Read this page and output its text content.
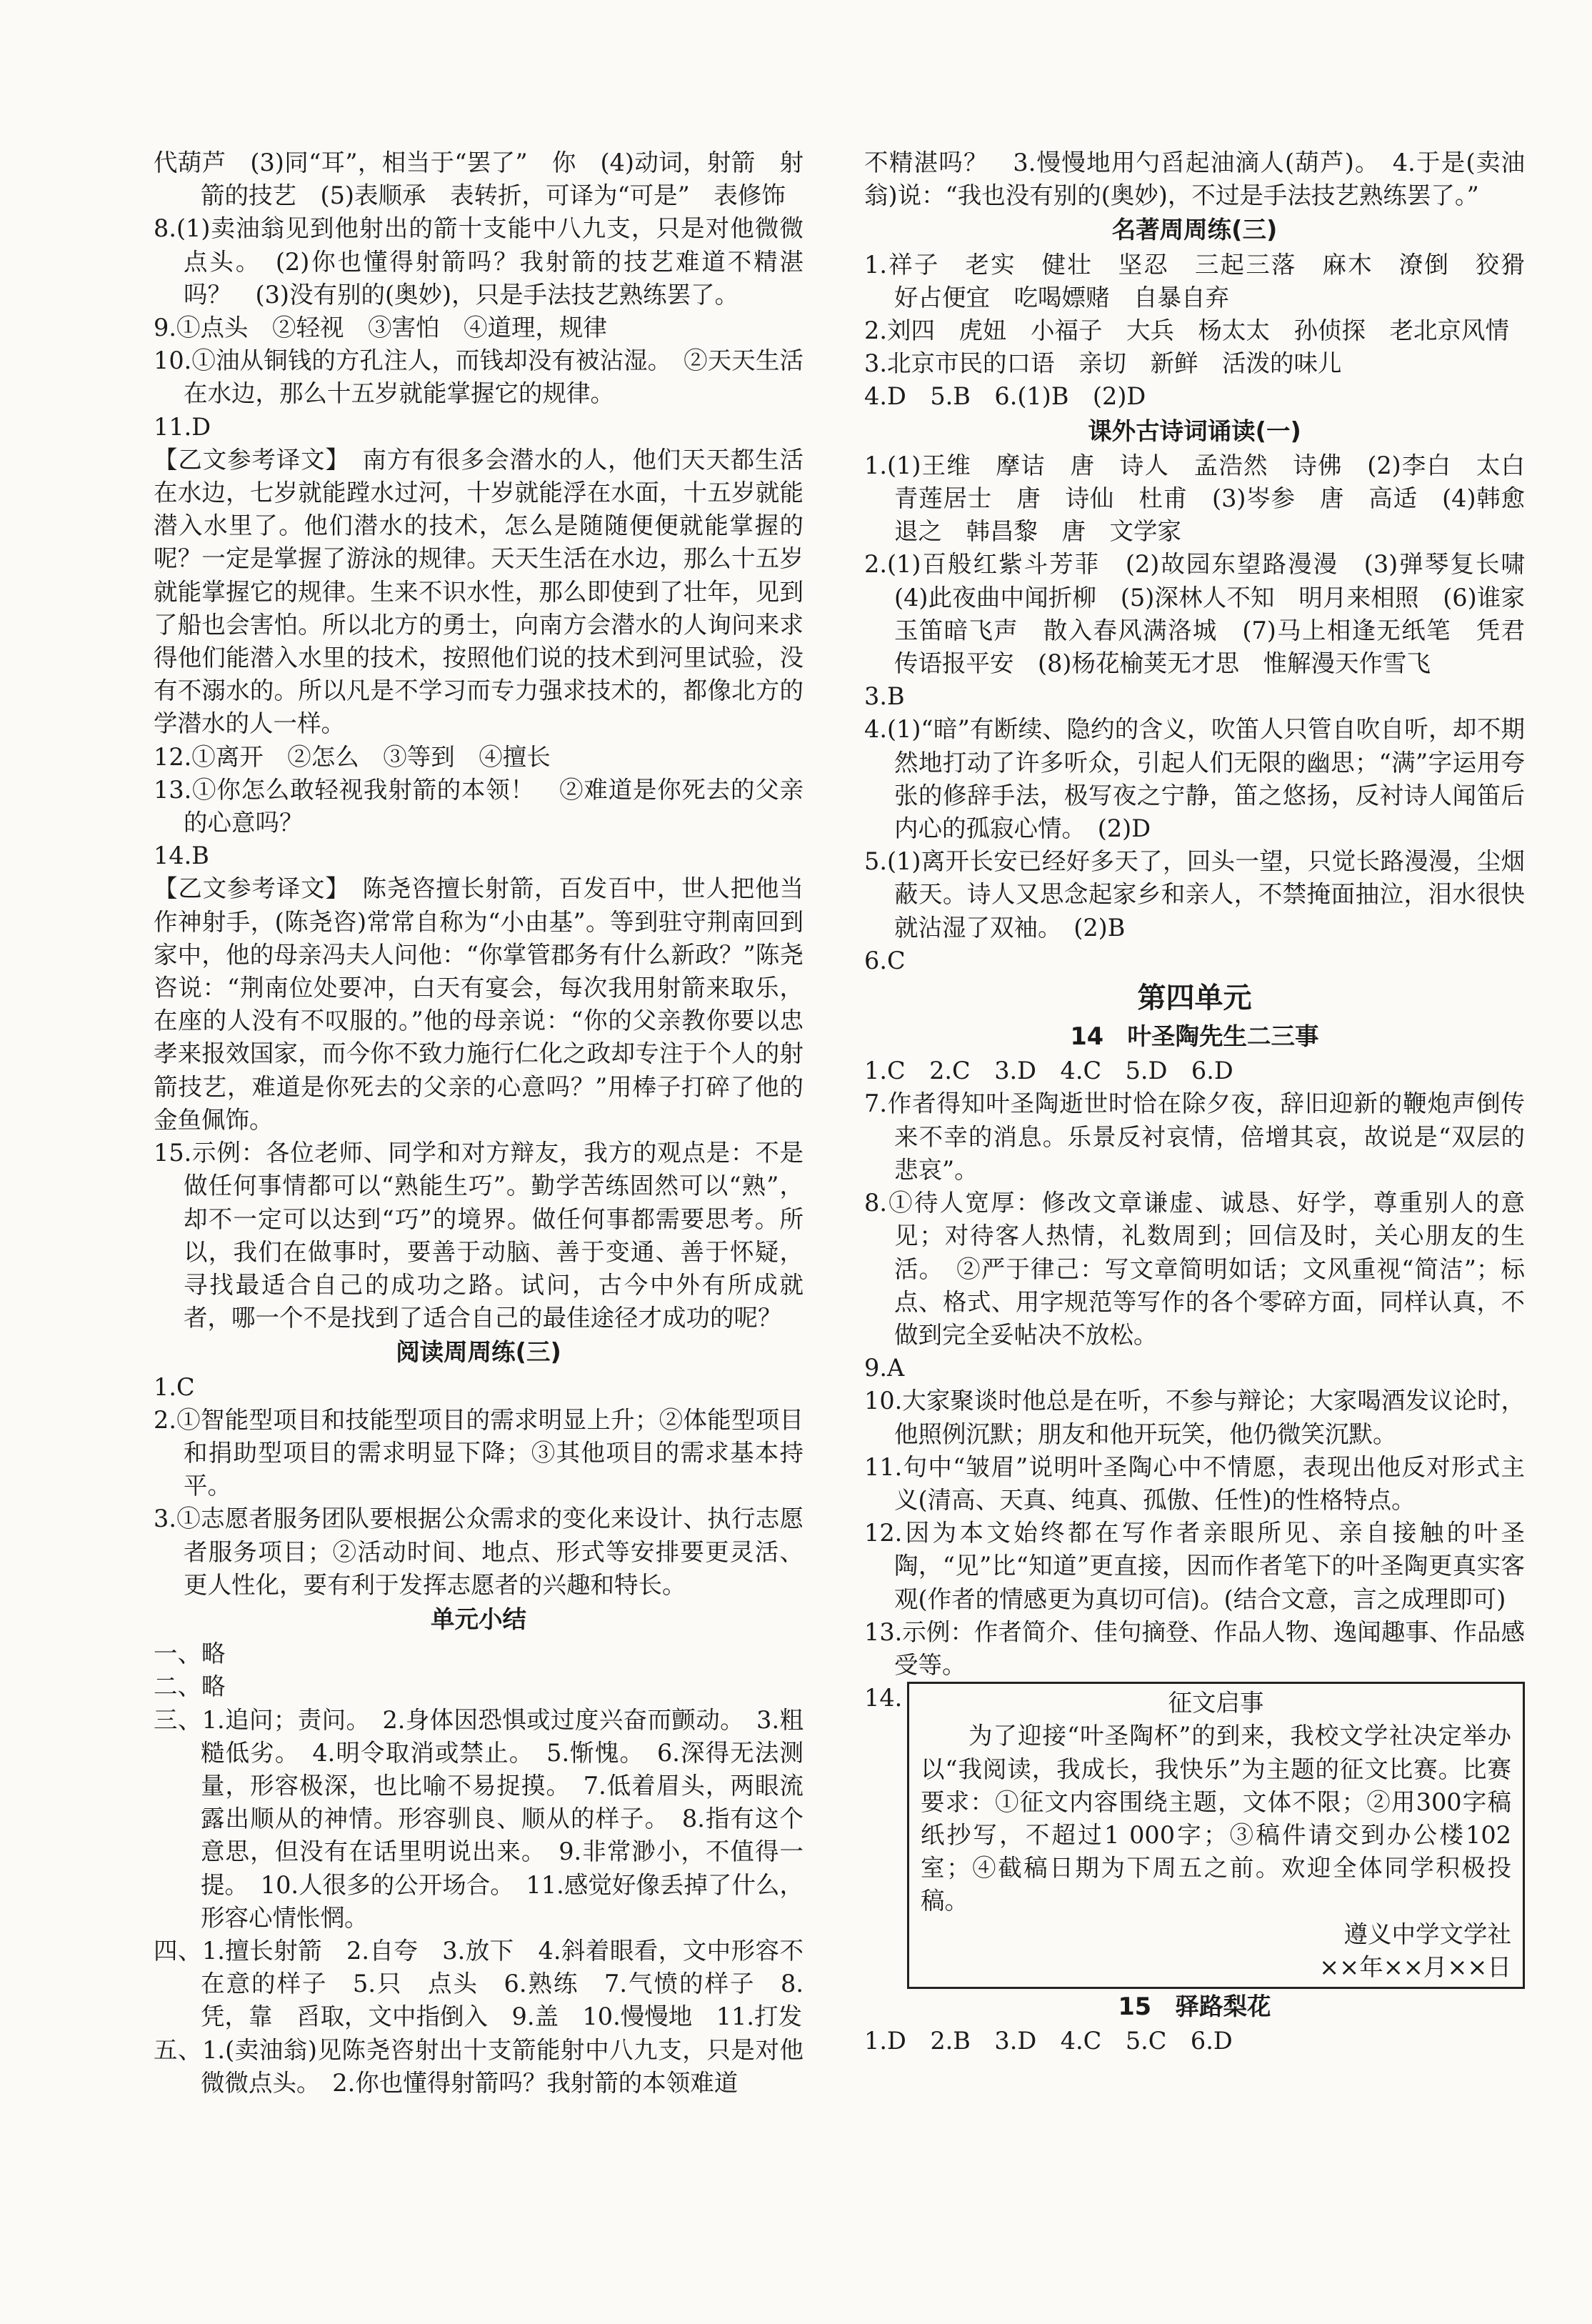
代葫芦　(3)同“耳”，相当于“罢了”　你　(4)动词，射箭　射箭的技艺　(5)表顺承　表转折，可译为“可是”　表修饰

8.(1)卖油翁见到他射出的箭十支能中八九支，只是对他微微点头。　(2)你也懂得射箭吗？我射箭的技艺难道不精湛吗？　(3)没有别的(奥妙)，只是手法技艺熟练罢了。

9.①点头　②轻视　③害怕　④道理，规律

10.①油从铜钱的方孔注人，而钱却没有被沾湿。　②天天生活在水边，那么十五岁就能掌握它的规律。

11.D

【乙文参考译文】　南方有很多会潜水的人，他们天天都生活在水边，七岁就能蹚水过河，十岁就能浮在水面，十五岁就能潜入水里了。他们潜水的技术，怎么是随随便便就能掌握的呢？一定是掌握了游泳的规律。天天生活在水边，那么十五岁就能掌握它的规律。生来不识水性，那么即使到了壮年，见到了船也会害怕。所以北方的勇士，向南方会潜水的人询问来求得他们能潜入水里的技术，按照他们说的技术到河里试验，没有不溺水的。所以凡是不学习而专力强求技术的，都像北方的学潜水的人一样。

12.①离开　②怎么　③等到　④擅长

13.①你怎么敢轻视我射箭的本领！　②难道是你死去的父亲的心意吗？

14.B

【乙文参考译文】　陈尧咨擅长射箭，百发百中，世人把他当作神射手，(陈尧咨)常常自称为“小由基”。等到驻守荆南回到家中，他的母亲冯夫人问他：“你掌管郡务有什么新政？”陈尧咨说：“荆南位处要冲，白天有宴会，每次我用射箭来取乐，在座的人没有不叹服的。”他的母亲说：“你的父亲教你要以忠孝来报效国家，而今你不致力施行仁化之政却专注于个人的射箭技艺，难道是你死去的父亲的心意吗？”用棒子打碎了他的金鱼佩饰。

15.示例：各位老师、同学和对方辩友，我方的观点是：不是做任何事情都可以“熟能生巧”。勤学苦练固然可以“熟”，却不一定可以达到“巧”的境界。做任何事都需要思考。所以，我们在做事时，要善于动脑、善于变通、善于怀疑，寻找最适合自己的成功之路。试问，古今中外有所成就者，哪一个不是找到了适合自己的最佳途径才成功的呢？

阅读周周练(三)

1.C

2.①智能型项目和技能型项目的需求明显上升；②体能型项目和捐助型项目的需求明显下降；③其他项目的需求基本持平。

3.①志愿者服务团队要根据公众需求的变化来设计、执行志愿者服务项目；②活动时间、地点、形式等安排要更灵活、更人性化，要有利于发挥志愿者的兴趣和特长。

单元小结

一、略

二、略

三、1.追问；责问。　2.身体因恐惧或过度兴奋而颤动。　3.粗糙低劣。　4.明令取消或禁止。　5.惭愧。　6.深得无法测量，形容极深，也比喻不易捉摸。　7.低着眉头，两眼流露出顺从的神情。形容驯良、顺从的样子。　8.指有这个意思，但没有在话里明说出来。　9.非常渺小，不值得一提。　10.人很多的公开场合。　11.感觉好像丢掉了什么，形容心情怅惘。

四、1.擅长射箭　2.自夸　3.放下　4.斜着眼看，文中形容不在意的样子　5.只　点头　6.熟练　7.气愤的样子　8.凭，靠　舀取，文中指倒入　9.盖　10.慢慢地　11.打发

五、1.(卖油翁)见陈尧咨射出十支箭能射中八九支，只是对他微微点头。　2.你也懂得射箭吗？我射箭的本领难道

不精湛吗？　3.慢慢地用勺舀起油滴人(葫芦)。　4.于是(卖油翁)说：“我也没有别的(奥妙)，不过是手法技艺熟练罢了。”

名著周周练(三)

1.祥子　老实　健壮　坚忍　三起三落　麻木　潦倒　狡猾　好占便宜　吃喝嫖赌　自暴自弃

2.刘四　虎妞　小福子　大兵　杨太太　孙侦探　老北京风情

3.北京市民的口语　亲切　新鲜　活泼的味儿

4.D　5.B　6.(1)B　(2)D

课外古诗词诵读(一)

1.(1)王维　摩诘　唐　诗人　孟浩然　诗佛　(2)李白　太白　青莲居士　唐　诗仙　杜甫　(3)岑参　唐　高适　(4)韩愈　退之　韩昌黎　唐　文学家

2.(1)百般红紫斗芳菲　(2)故园东望路漫漫　(3)弹琴复长啸　(4)此夜曲中闻折柳　(5)深林人不知　明月来相照　(6)谁家玉笛暗飞声　散入春风满洛城　(7)马上相逢无纸笔　凭君传语报平安　(8)杨花榆荚无才思　惟解漫天作雪飞

3.B

4.(1)“暗”有断续、隐约的含义，吹笛人只管自吹自听，却不期然地打动了许多听众，引起人们无限的幽思；“满”字运用夸张的修辞手法，极写夜之宁静，笛之悠扬，反衬诗人闻笛后内心的孤寂心情。　(2)D

5.(1)离开长安已经好多天了，回头一望，只觉长路漫漫，尘烟蔽天。诗人又思念起家乡和亲人，不禁掩面抽泣，泪水很快就沾湿了双袖。　(2)B

6.C

第四单元
14　叶圣陶先生二三事

1.C　2.C　3.D　4.C　5.D　6.D

7.作者得知叶圣陶逝世时恰在除夕夜，辞旧迎新的鞭炮声倒传来不幸的消息。乐景反衬哀情，倍增其哀，故说是“双层的悲哀”。

8.①待人宽厚：修改文章谦虚、诚恳、好学，尊重别人的意见；对待客人热情，礼数周到；回信及时，关心朋友的生活。　②严于律己：写文章简明如话；文风重视“简洁”；标点、格式、用字规范等写作的各个零碎方面，同样认真，不做到完全妥帖决不放松。

9.A

10.大家聚谈时他总是在听，不参与辩论；大家喝酒发议论时，他照例沉默；朋友和他开玩笑，他仍微笑沉默。

11.句中“皱眉”说明叶圣陶心中不情愿，表现出他反对形式主义(清高、天真、纯真、孤傲、任性)的性格特点。

12.因为本文始终都在写作者亲眼所见、亲自接触的叶圣陶，“见”比“知道”更直接，因而作者笔下的叶圣陶更真实客观(作者的情感更为真切可信)。(结合文意，言之成理即可)

13.示例：作者简介、佳句摘登、作品人物、逸闻趣事、作品感受等。

14.	征文启事

为了迎接“叶圣陶杯”的到来，我校文学社决定举办以“我阅读，我成长，我快乐”为主题的征文比赛。比赛要求：①征文内容围绕主题，文体不限；②用300字稿纸抄写，不超过1 000字；③稿件请交到办公楼102室；④截稿日期为下周五之前。欢迎全体同学积极投稿。

遵义中学文学社
××年××月××日
15　驿路梨花

1.D　2.B　3.D　4.C　5.C　6.D
